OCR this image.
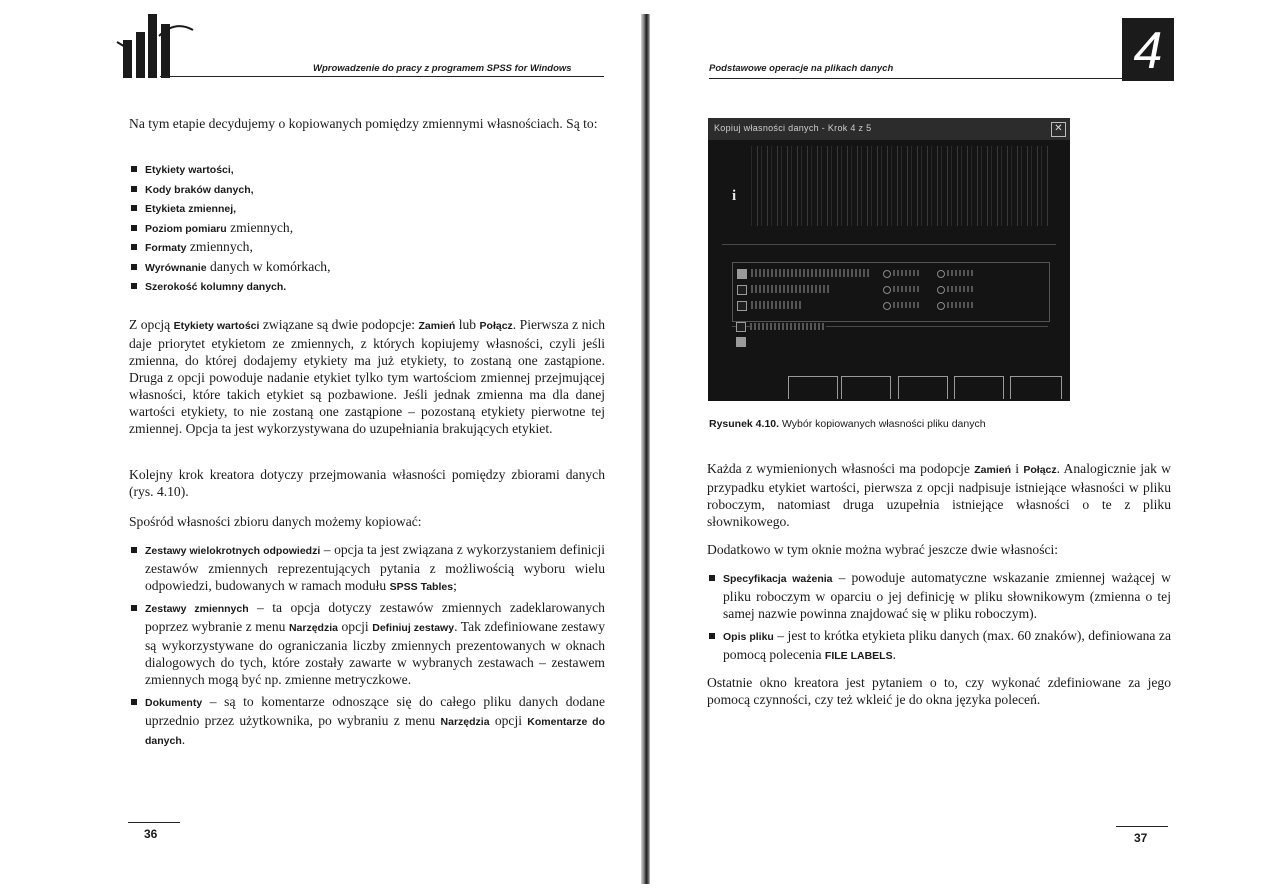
Wprowadzenie do pracy z programem SPSS for Windows
Na tym etapie decydujemy o kopiowanych pomiędzy zmiennymi własnościach. Są to:
Etykiety wartości,
Kody braków danych,
Etykieta zmiennej,
Poziom pomiaru zmiennych,
Formaty zmiennych,
Wyrównanie danych w komórkach,
Szerokość kolumny danych.
Z opcją Etykiety wartości związane są dwie podopcje: Zamień lub Połącz. Pierwsza z nich daje priorytet etykietom ze zmiennych, z których kopiujemy własności, czyli jeśli zmienna, do której dodajemy etykiety ma już etykiety, to zostaną one zastąpione. Druga z opcji powoduje nadanie etykiet tylko tym wartościom zmiennej przejmującej własności, które takich etykiet są pozbawione. Jeśli jednak zmienna ma dla danej wartości etykiety, to nie zostaną one zastąpione – pozostaną etykiety pierwotne tej zmiennej. Opcja ta jest wykorzystywana do uzupełniania brakujących etykiet.
Kolejny krok kreatora dotyczy przejmowania własności pomiędzy zbiorami danych (rys. 4.10).
Spośród własności zbioru danych możemy kopiować:
Zestawy wielokrotnych odpowiedzi – opcja ta jest związana z wykorzystaniem definicji zestawów zmiennych reprezentujących pytania z możliwością wyboru wielu odpowiedzi, budowanych w ramach modułu SPSS Tables;
Zestawy zmiennych – ta opcja dotyczy zestawów zmiennych zadeklarowanych poprzez wybranie z menu Narzędzia opcji Definiuj zestawy. Tak zdefiniowane zestawy są wykorzystywane do ograniczania liczby zmiennych prezentowanych w oknach dialogowych do tych, które zostały zawarte w wybranych zestawach – zestawem zmiennych mogą być np. zmienne metryczkowe.
Dokumenty – są to komentarze odnoszące się do całego pliku danych dodane uprzednio przez użytkownika, po wybraniu z menu Narzędzia opcji Komentarze do danych.
36
Podstawowe operacje na plikach danych	4
Kopiuj własności danych - Krok 4 z 5	✕
i
Rysunek 4.10. Wybór kopiowanych własności pliku danych
Każda z wymienionych własności ma podopcje Zamień i Połącz. Analogicznie jak w przypadku etykiet wartości, pierwsza z opcji nadpisuje istniejące własności w pliku roboczym, natomiast druga uzupełnia istniejące własności o te z pliku słownikowego.
Dodatkowo w tym oknie można wybrać jeszcze dwie własności:
Specyfikacja ważenia – powoduje automatyczne wskazanie zmiennej ważącej w pliku roboczym w oparciu o jej definicję w pliku słownikowym (zmienna o tej samej nazwie powinna znajdować się w pliku roboczym).
Opis pliku – jest to krótka etykieta pliku danych (max. 60 znaków), definiowana za pomocą polecenia FILE LABELS.
Ostatnie okno kreatora jest pytaniem o to, czy wykonać zdefiniowane za jego pomocą czynności, czy też wkleić je do okna języka poleceń.
37
